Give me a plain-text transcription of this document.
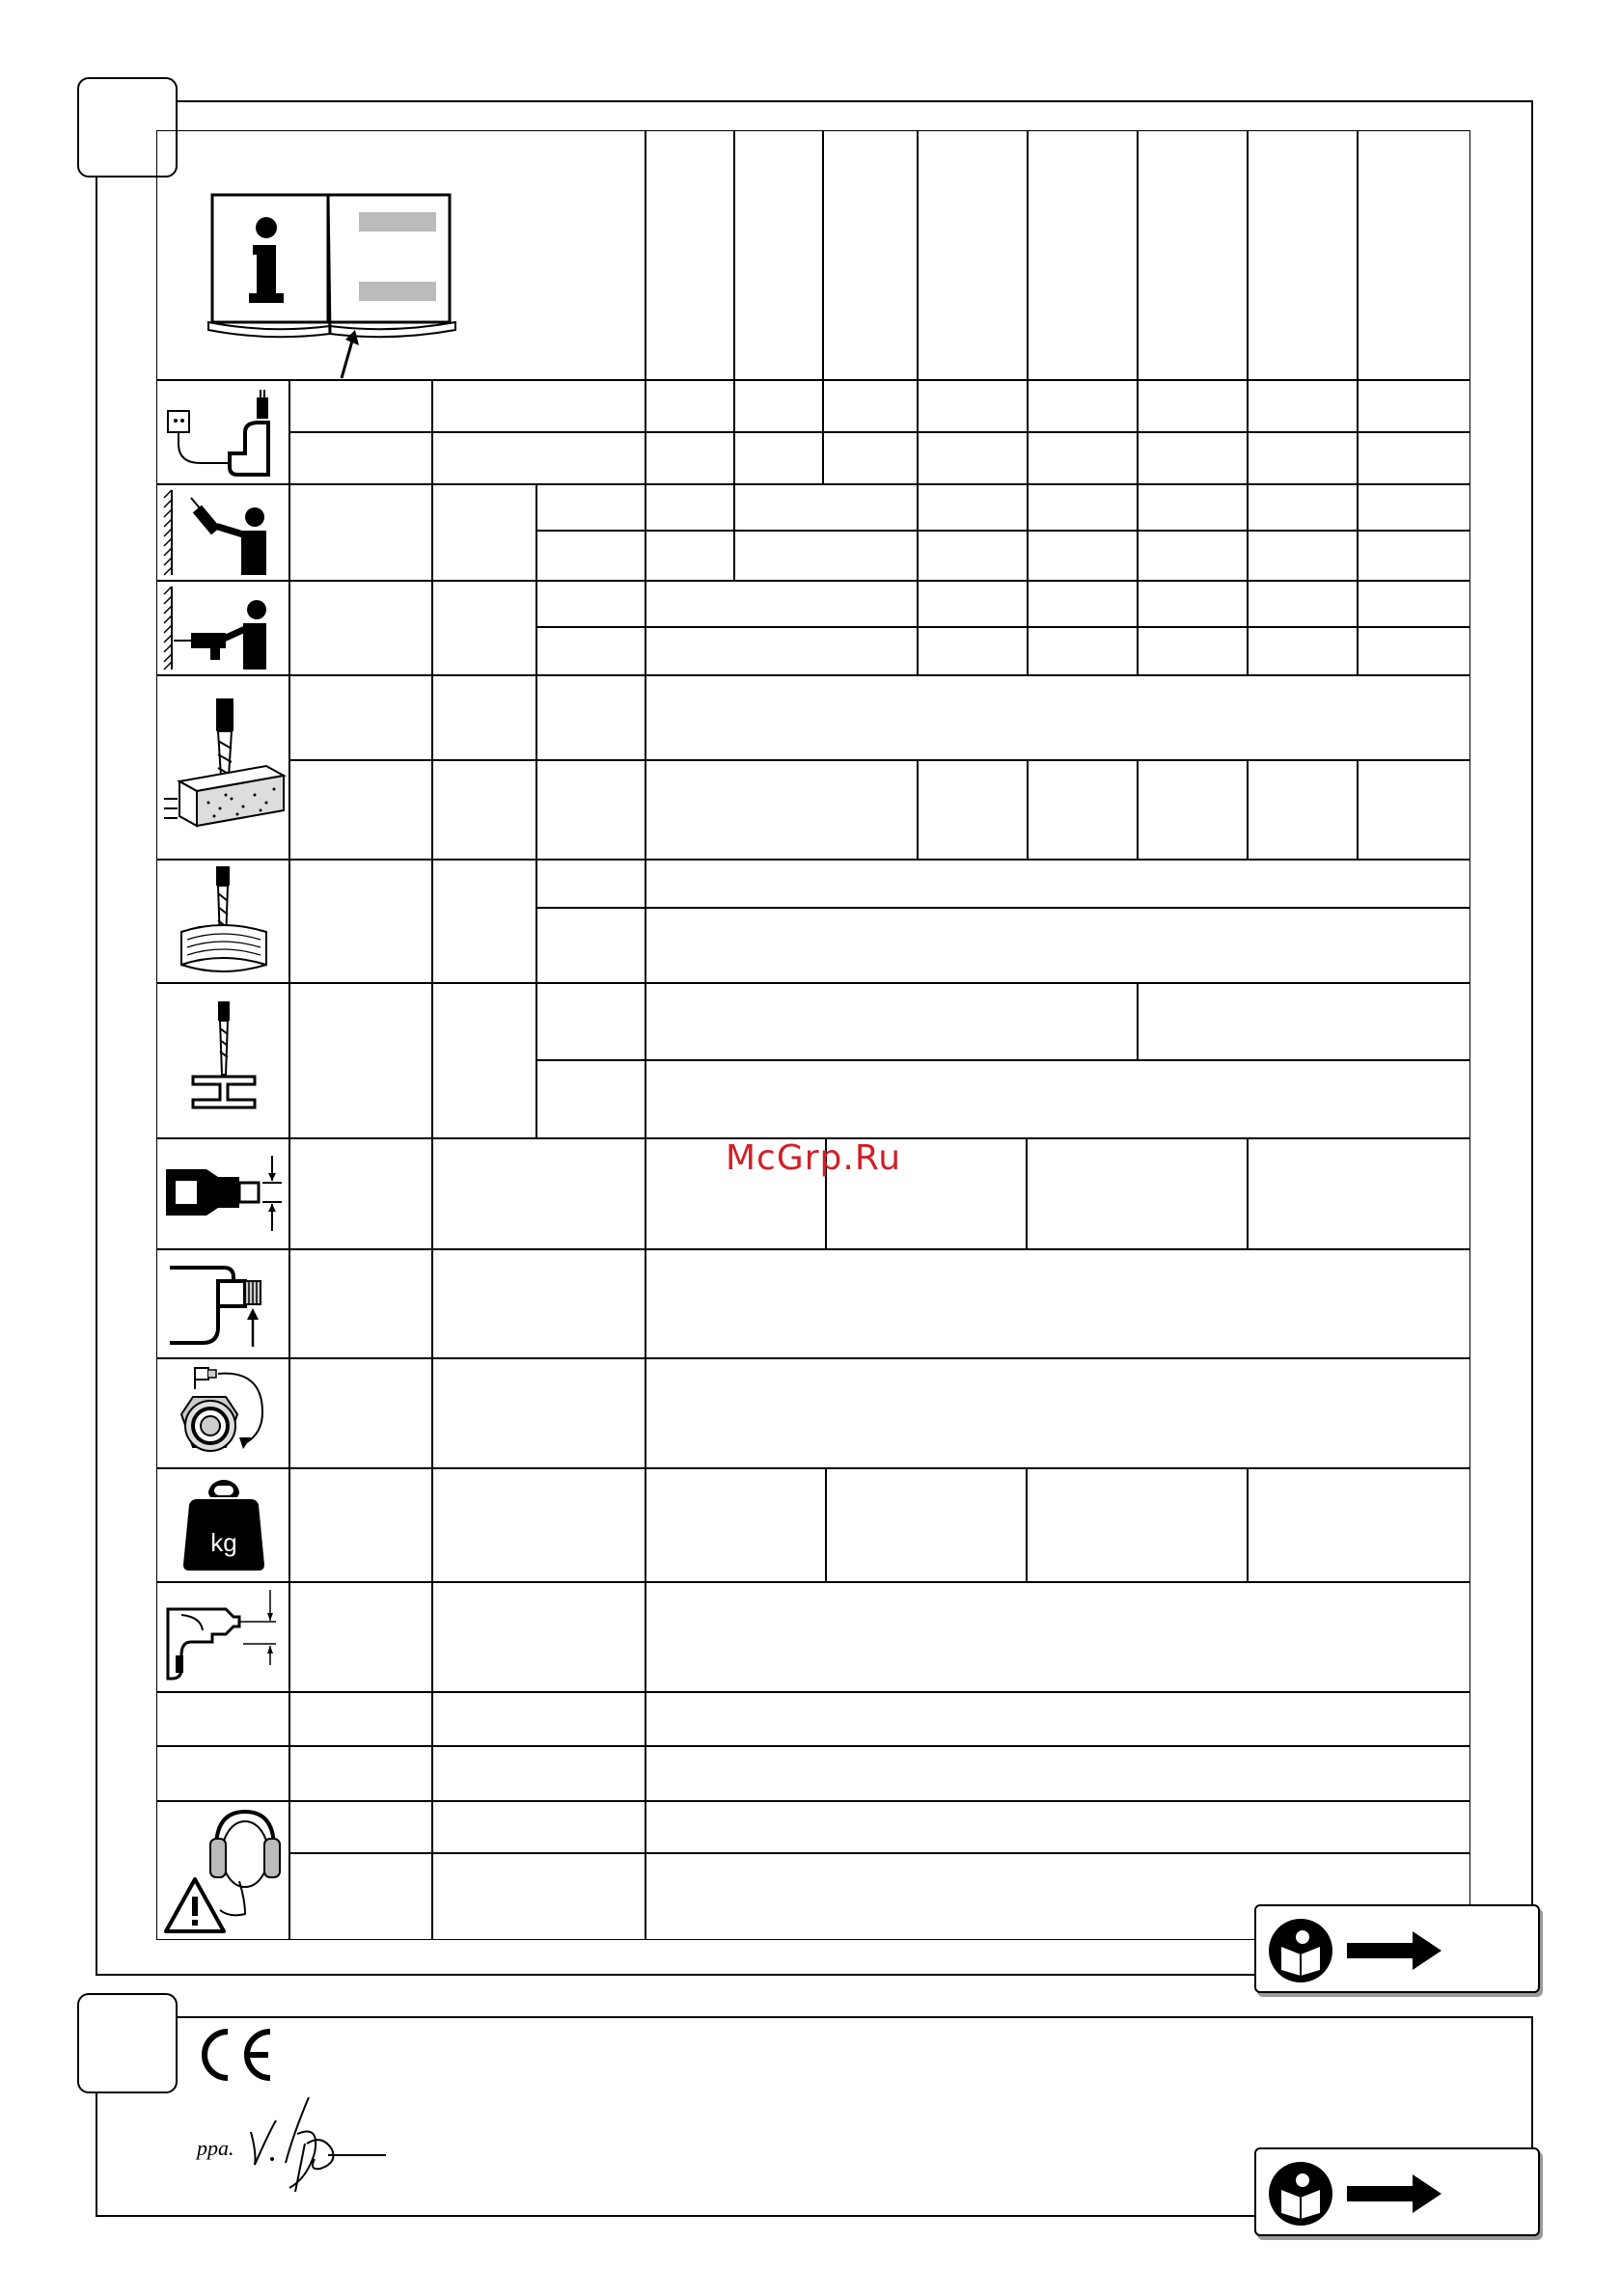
kg
McGrp.Ru
ppa.
